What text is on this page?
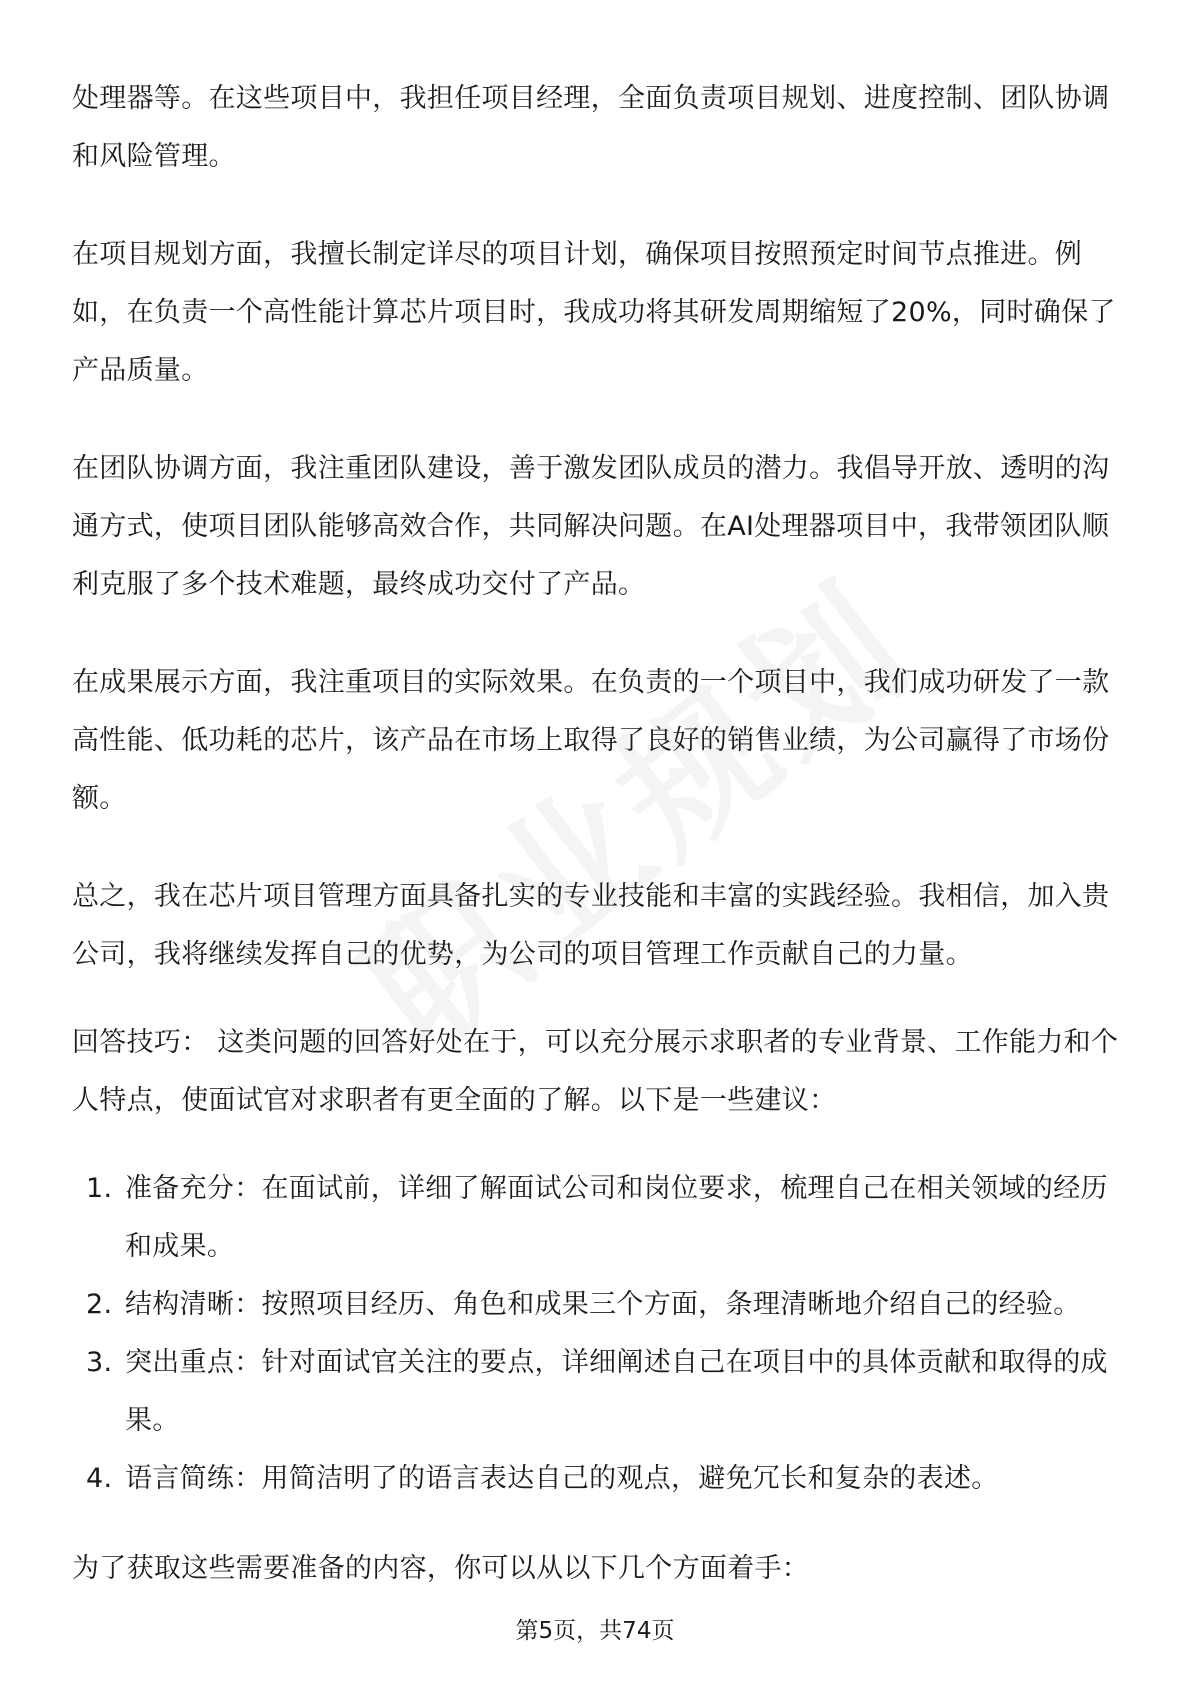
处理器等。在这些项目中，我担任项目经理，全面负责项目规划、进度控制、团队协调和风险管理。

在项目规划方面，我擅长制定详尽的项目计划，确保项目按照预定时间节点推进。例如，在负责一个高性能计算芯片项目时，我成功将其研发周期缩短了20%，同时确保了产品质量。

在团队协调方面，我注重团队建设，善于激发团队成员的潜力。我倡导开放、透明的沟通方式，使项目团队能够高效合作，共同解决问题。在AI处理器项目中，我带领团队顺利克服了多个技术难题，最终成功交付了产品。

在成果展示方面，我注重项目的实际效果。在负责的一个项目中，我们成功研发了一款高性能、低功耗的芯片，该产品在市场上取得了良好的销售业绩，为公司赢得了市场份额。

总之，我在芯片项目管理方面具备扎实的专业技能和丰富的实践经验。我相信，加入贵公司，我将继续发挥自己的优势，为公司的项目管理工作贡献自己的力量。

回答技巧： 这类问题的回答好处在于，可以充分展示求职者的专业背景、工作能力和个人特点，使面试官对求职者有更全面的了解。以下是一些建议：

1. 准备充分：在面试前，详细了解面试公司和岗位要求，梳理自己在相关领域的经历和成果。
2. 结构清晰：按照项目经历、角色和成果三个方面，条理清晰地介绍自己的经验。
3. 突出重点：针对面试官关注的要点，详细阐述自己在项目中的具体贡献和取得的成果。
4. 语言简练：用简洁明了的语言表达自己的观点，避免冗长和复杂的表述。

为了获取这些需要准备的内容，你可以从以下几个方面着手：

第5页，共74页
